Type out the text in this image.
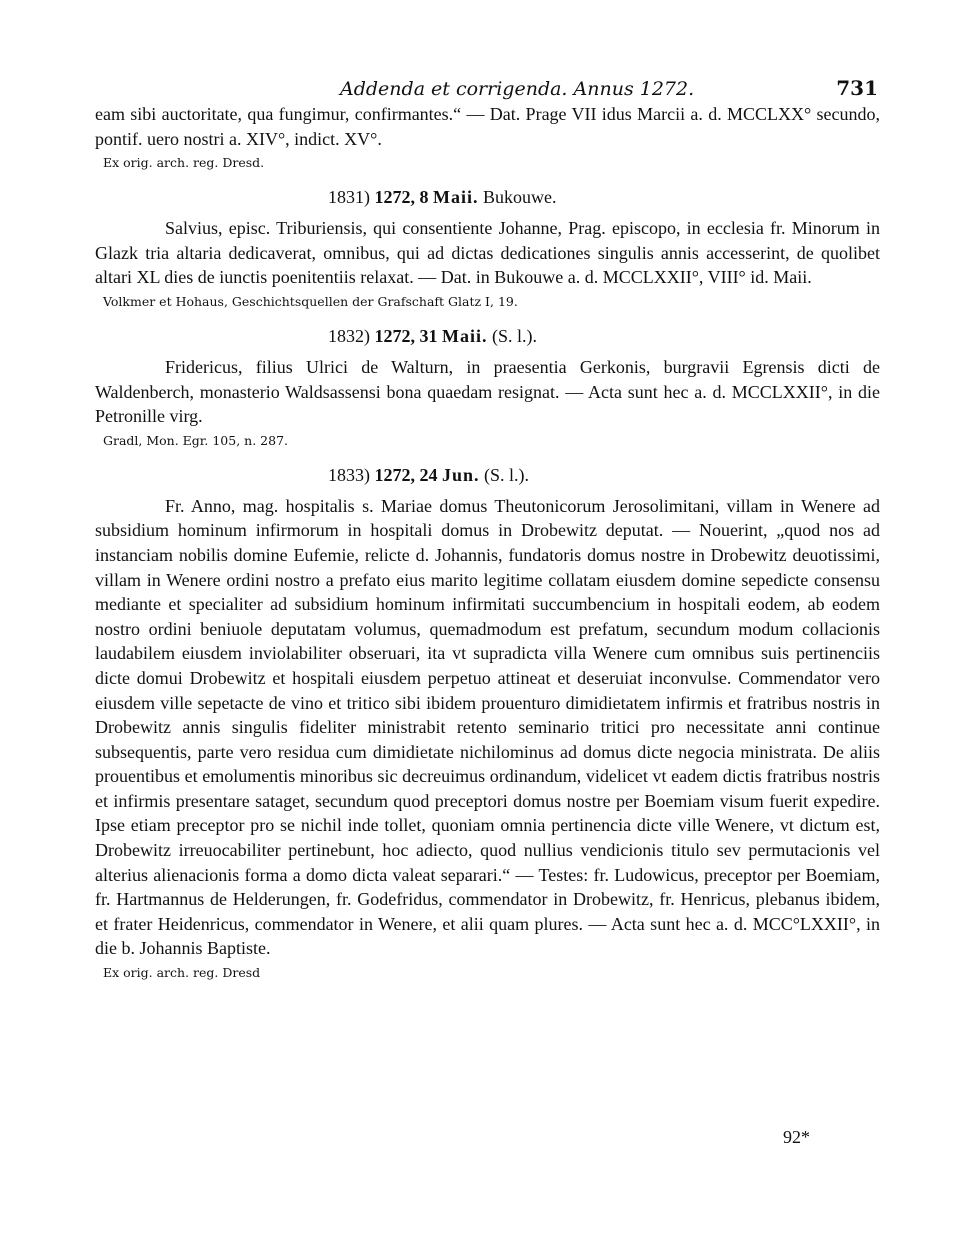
Addenda et corrigenda. Annus 1272.	731

eam sibi auctoritate, qua fungimur, confirmantes.“ — Dat. Prage VII idus Marcii a. d. MCCLXX° secundo, pontif. uero nostri a. XIV°, indict. XV°.

Ex orig. arch. reg. Dresd.

1831) 1272, 8 Maii. Bukouwe.

Salvius, episc. Triburiensis, qui consentiente Johanne, Prag. episcopo, in ecclesia fr. Minorum in Glazk tria altaria dedicaverat, omnibus, qui ad dictas dedicationes singulis annis accesserint, de quolibet altari XL dies de iunctis poenitentiis relaxat. — Dat. in Bukouwe a. d. MCCLXXII°, VIII° id. Maii.

Volkmer et Hohaus, Geschichtsquellen der Grafschaft Glatz I, 19.

1832) 1272, 31 Maii. (S. l.).

Fridericus, filius Ulrici de Walturn, in praesentia Gerkonis, burgravii Egrensis dicti de Waldenberch, monasterio Waldsassensi bona quaedam resignat. — Acta sunt hec a. d. MCCLXXII°, in die Petronille virg.

Gradl, Mon. Egr. 105, n. 287.

1833) 1272, 24 Jun. (S. l.).

Fr. Anno, mag. hospitalis s. Mariae domus Theutonicorum Jerosolimitani, villam in Wenere ad subsidium hominum infirmorum in hospitali domus in Drobewitz deputat. — Nouerint, „quod nos ad instanciam nobilis domine Eufemie, relicte d. Johannis, fundatoris domus nostre in Drobewitz deuotissimi, villam in Wenere ordini nostro a prefato eius marito legitime collatam eiusdem domine sepedicte consensu mediante et specialiter ad subsidium hominum infirmitati succumbencium in hospitali eodem, ab eodem nostro ordini beniuole deputatam volumus, quemadmodum est prefatum, secundum modum collacionis laudabilem eiusdem inviolabiliter obseruari, ita vt supradicta villa Wenere cum omnibus suis pertinenciis dicte domui Drobewitz et hospitali eiusdem perpetuo attineat et deseruiat inconvulse. Commendator vero eiusdem ville sepetacte de vino et tritico sibi ibidem prouenturo dimidietatem infirmis et fratribus nostris in Drobewitz annis singulis fideliter ministrabit retento seminario tritici pro necessitate anni continue subsequentis, parte vero residua cum dimidietate nichilominus ad domus dicte negocia ministrata. De aliis prouentibus et emolumentis minoribus sic decreuimus ordinandum, videlicet vt eadem dictis fratribus nostris et infirmis presentare sataget, secundum quod preceptori domus nostre per Boemiam visum fuerit expedire. Ipse etiam preceptor pro se nichil inde tollet, quoniam omnia pertinencia dicte ville Wenere, vt dictum est, Drobewitz irreuocabiliter pertinebunt, hoc adiecto, quod nullius vendicionis titulo sev permutacionis vel alterius alienacionis forma a domo dicta valeat separari.“ — Testes: fr. Ludowicus, preceptor per Boemiam, fr. Hartmannus de Helderungen, fr. Godefridus, commendator in Drobewitz, fr. Henricus, plebanus ibidem, et frater Heidenricus, commendator in Wenere, et alii quam plures. — Acta sunt hec a. d. MCC°LXXII°, in die b. Johannis Baptiste.

Ex orig. arch. reg. Dresd

92*
